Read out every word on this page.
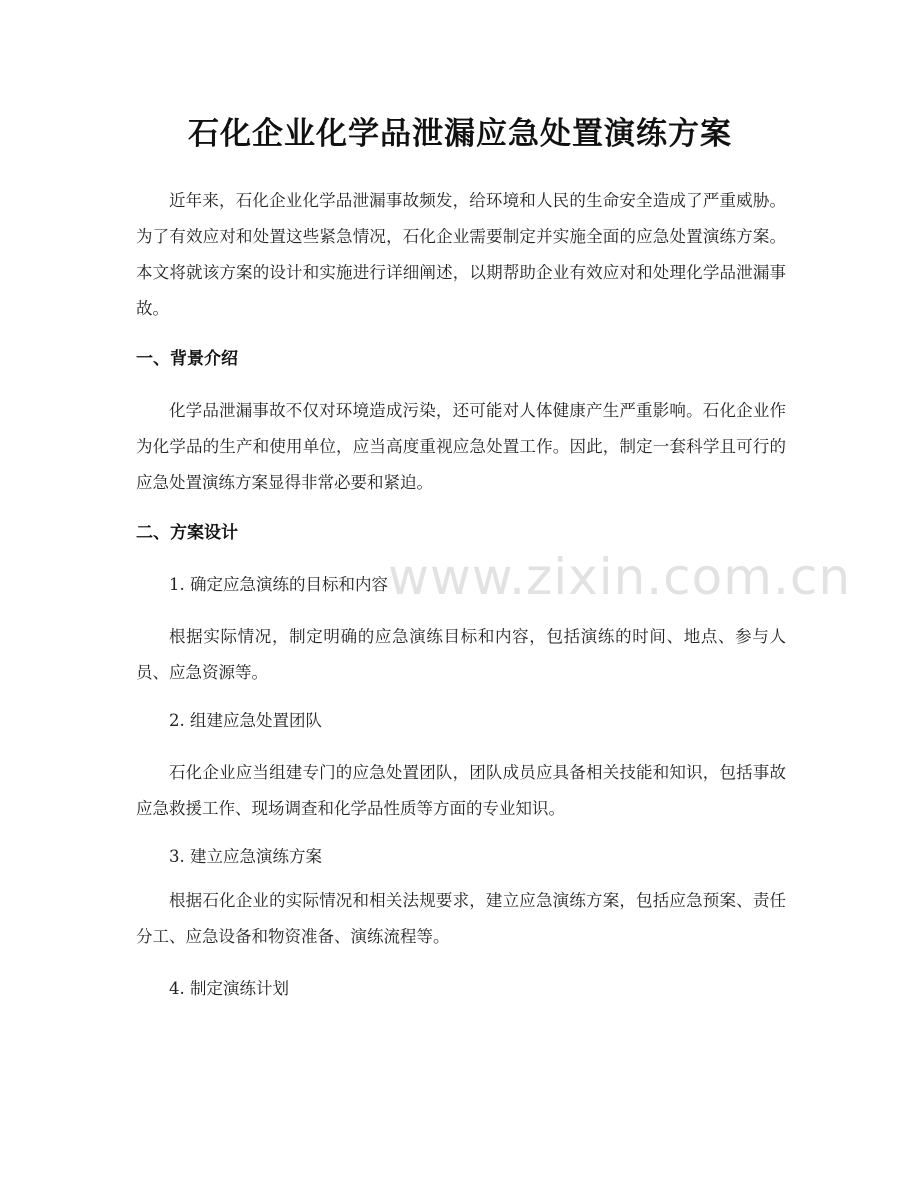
石化企业化学品泄漏应急处置演练方案

近年来，石化企业化学品泄漏事故频发，给环境和人民的生命安全造成了严重威胁。为了有效应对和处置这些紧急情况，石化企业需要制定并实施全面的应急处置演练方案。本文将就该方案的设计和实施进行详细阐述，以期帮助企业有效应对和处理化学品泄漏事故。

一、背景介绍

化学品泄漏事故不仅对环境造成污染，还可能对人体健康产生严重影响。石化企业作为化学品的生产和使用单位，应当高度重视应急处置工作。因此，制定一套科学且可行的应急处置演练方案显得非常必要和紧迫。

二、方案设计

1. 确定应急演练的目标和内容

根据实际情况，制定明确的应急演练目标和内容，包括演练的时间、地点、参与人员、应急资源等。

2. 组建应急处置团队

石化企业应当组建专门的应急处置团队，团队成员应具备相关技能和知识，包括事故应急救援工作、现场调查和化学品性质等方面的专业知识。

3. 建立应急演练方案

根据石化企业的实际情况和相关法规要求，建立应急演练方案，包括应急预案、责任分工、应急设备和物资准备、演练流程等。

4. 制定演练计划

www.zixin.com.cn
